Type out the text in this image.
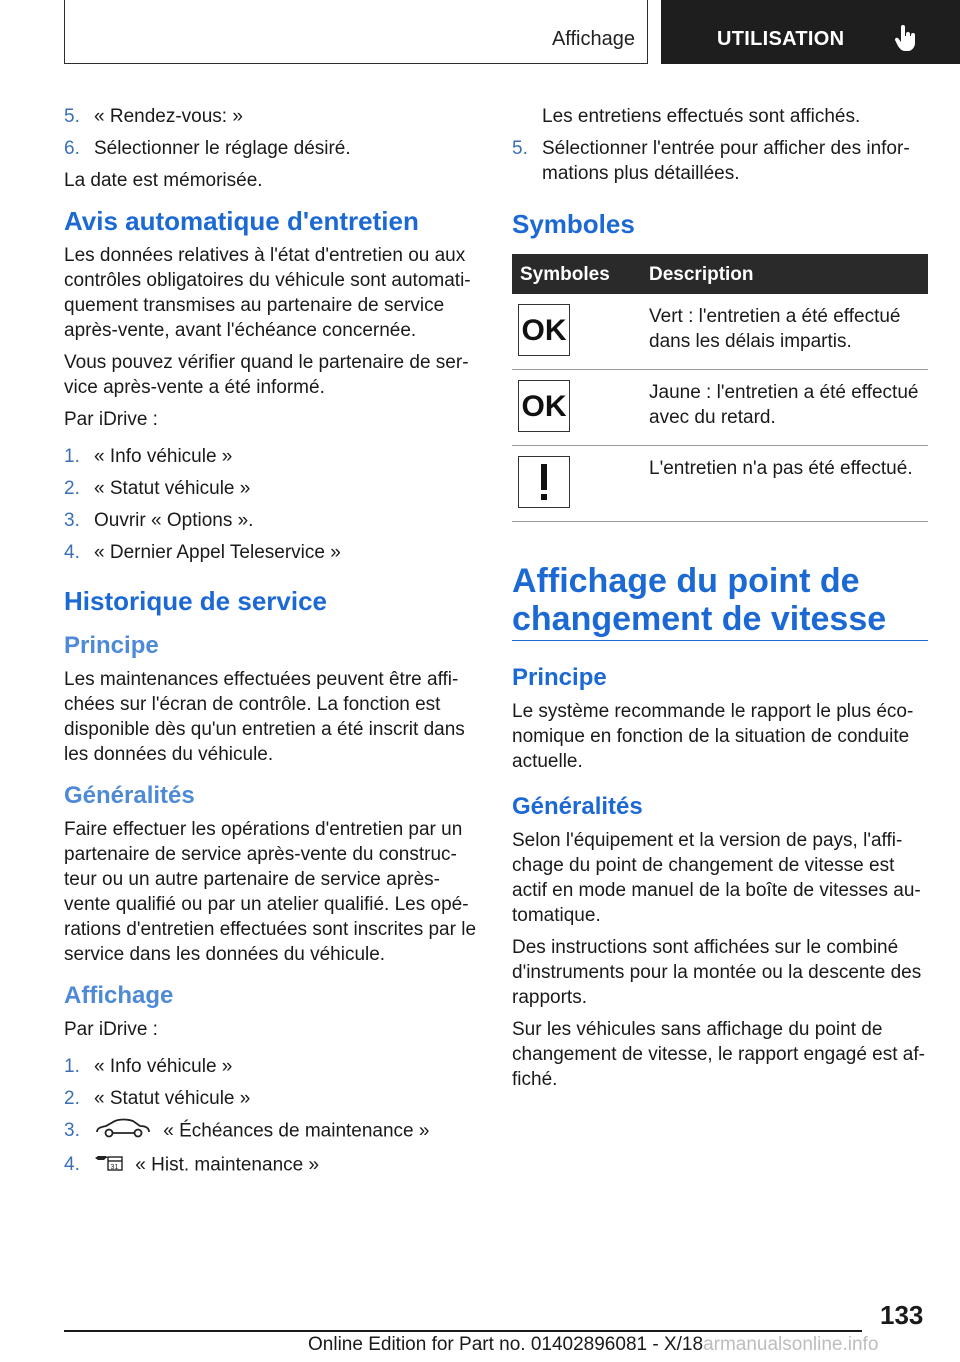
Affichage	UTILISATION
5. « Rendez-vous: »
6. Sélectionner le réglage désiré.

La date est mémorisée.

Avis automatique d'entretien

Les données relatives à l'état d'entretien ou aux contrôles obligatoires du véhicule sont automatiquement transmises au partenaire de service après-vente, avant l'échéance concernée.

Vous pouvez vérifier quand le partenaire de service après-vente a été informé.

Par iDrive :

1. « Info véhicule »
2. « Statut véhicule »
3. Ouvrir « Options ».
4. « Dernier Appel Teleservice »
Historique de service
Principe

Les maintenances effectuées peuvent être affichées sur l'écran de contrôle. La fonction est disponible dès qu'un entretien a été inscrit dans les données du véhicule.

Généralités

Faire effectuer les opérations d'entretien par un partenaire de service après-vente du constructeur ou un autre partenaire de service après-vente qualifié ou par un atelier qualifié. Les opérations d'entretien effectuées sont inscrites par le service dans les données du véhicule.

Affichage

Par iDrive :

1. « Info véhicule »
2. « Statut véhicule »
3.	« Échéances de maintenance »
4.	31 « Hist. maintenance »
Les entretiens effectués sont affichés.
5. Sélectionner l'entrée pour afficher des informations plus détaillées.
Symboles
Symboles	Description

OK	Vert : l'entretien a été effectué dans les délais impartis.

OK	Jaune : l'entretien a été effectué avec du retard.

	L'entretien n'a pas été effectué.
Affichage du point de changement de vitesse
Principe

Le système recommande le rapport le plus économique en fonction de la situation de conduite actuelle.

Généralités

Selon l'équipement et la version de pays, l'affichage du point de changement de vitesse est actif en mode manuel de la boîte de vitesses automatique.

Des instructions sont affichées sur le combiné d'instruments pour la montée ou la descente des rapports.

Sur les véhicules sans affichage du point de changement de vitesse, le rapport engagé est affiché.

133
Online Edition for Part no. 01402896081 - X/18armanualsonline.info
